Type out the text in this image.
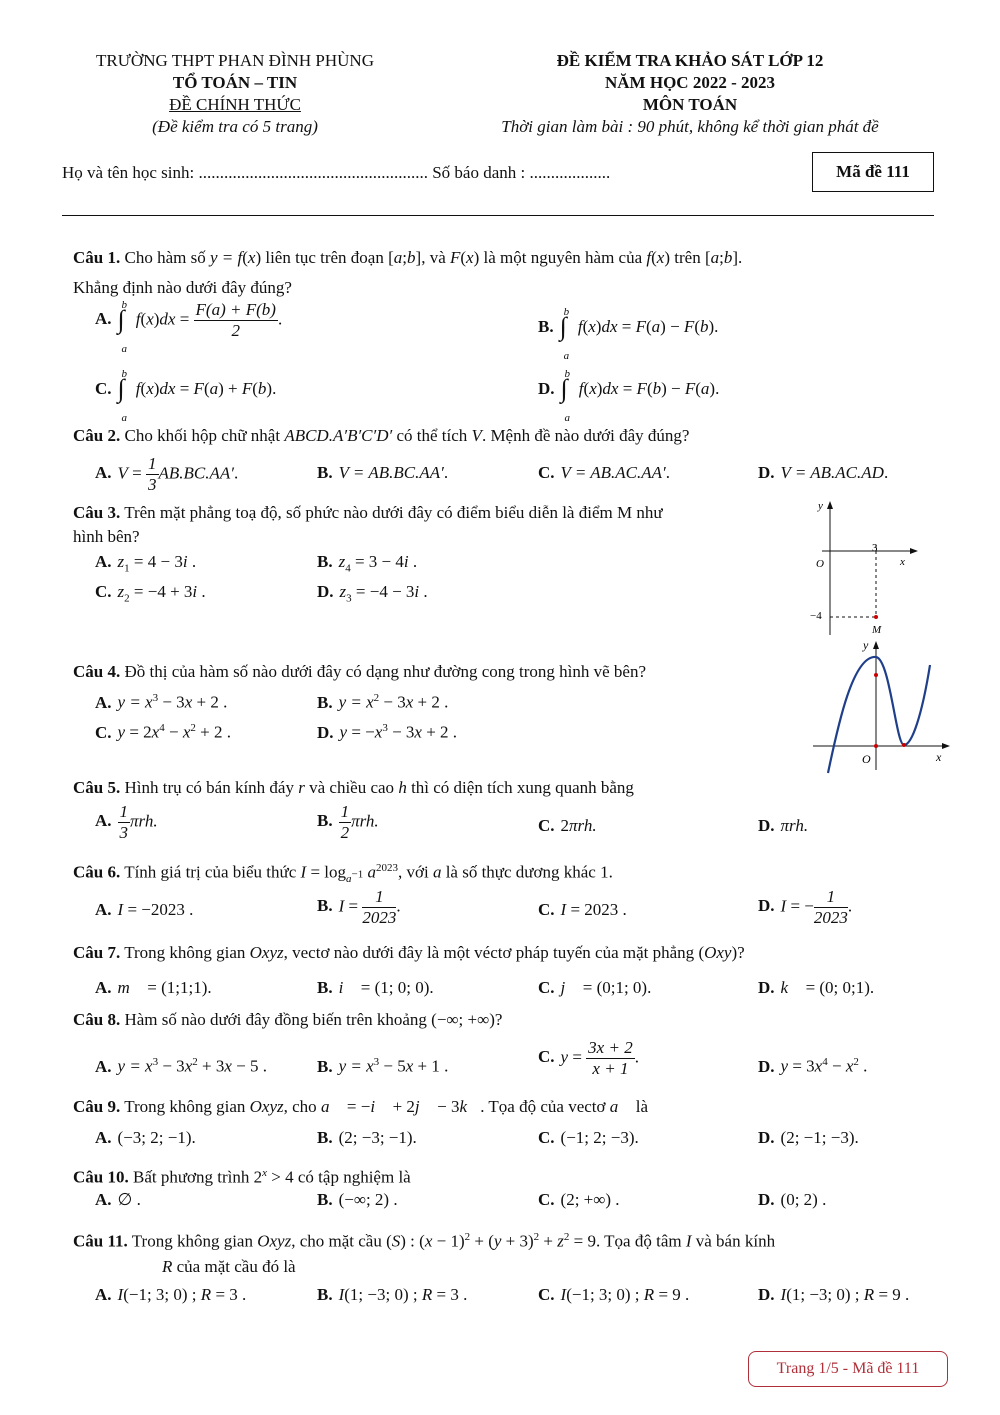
TRƯỜNG THPT PHAN ĐÌNH PHÙNG
TỔ TOÁN – TIN
ĐỀ CHÍNH THỨC
(Đề kiểm tra có 5 trang)
ĐỀ KIỂM TRA KHẢO SÁT LỚP 12
NĂM HỌC 2022 - 2023
MÔN TOÁN
Thời gian làm bài : 90 phút, không kể thời gian phát đề
Họ và tên học sinh: ...................................................... Số báo danh : ...................	Mã đề 111
Câu 1. Cho hàm số y = f(x) liên tục trên đoạn [a;b], và F(x) là một nguyên hàm của f(x) trên [a;b].
Khẳng định nào dưới đây đúng?
A.
b
∫
a
$f(x)dx = \frac{F(a) + F(b)}{2}$ .	B.
b
∫
a
f(x)dx = F(a) − F(b).
C.
b
∫
a
f(x)dx = F(a) + F(b).	D.
b
∫
a
f(x)dx = F(b) − F(a).
Câu 2. Cho khối hộp chữ nhật ABCD.A′B′C′D′ có thể tích V. Mệnh đề nào dưới đây đúng?
A. $V = \frac{1}{3} AB.BC.AA'$.	B. V = AB.BC.AA′.	C. V = AB.AC.AA′.	D. V = AB.AC.AD.
Câu 3. Trên mặt phẳng toạ độ, số phức nào dưới đây có điểm biểu diễn là điểm M như
hình bên?
A. $z_1 = 4 - 3i$ .	B. $z_4 = 3 - 4i$ .
C. $z_2 = -4 + 3i$ .	D. $z_3 = -4 - 3i$ .
y
x
O
3
−4
M
Câu 4. Đồ thị của hàm số nào dưới đây có dạng như đường cong trong hình vẽ bên?
A. $y = x^3 - 3x + 2$ .	B. $y = x^2 - 3x + 2$ .
C. $y = 2x^4 - x^2 + 2$ .	D. $y = -x^3 - 3x + 2$ .
y
x
O
Câu 5. Hình trụ có bán kính đáy r và chiều cao h thì có diện tích xung quanh bằng
A. $\frac{1}{3} \pi rh$.	B. $\frac{1}{2} \pi rh$.	C. 2πrh.	D. πrh.
Câu 6. Tính giá trị của biểu thức $I = \log_{a^{-1}} a^{2023}$, với a là số thực dương khác 1.
A. I = −2023 .	B. $I = \frac{1}{2023}$ .	C. I = 2023 .	D. I = − $\frac{1}{2023}$ .
Câu 7. Trong không gian Oxyz, vectơ nào dưới đây là một véctơ pháp tuyến của mặt phẳng (Oxy)?
A. m⃗ = (1;1;1).	B. i⃗ = (1; 0; 0).	C. j⃗ = (0;1; 0).	D. k⃗ = (0; 0;1).
Câu 8. Hàm số nào dưới đây đồng biến trên khoảng (−∞; +∞)?
A. $y = x^3 - 3x^2 + 3x - 5$ .	B. $y = x^3 - 5x + 1$ .	C. $y = \frac{3x + 2}{x + 1}$ .	D. $y = 3x^4 - x^2$ .
Câu 9. Trong không gian Oxyz, cho a⃗ = −i⃗ + 2j⃗ − 3k⃗. Tọa độ của vectơ a⃗ là
A. (−3; 2; −1).	B. (2; −3; −1).	C. (−1; 2; −3).	D. (2; −1; −3).
Câu 10. Bất phương trình $2^x > 4$ có tập nghiệm là
A. ∅ .	B. (−∞; 2) .	C. (2; +∞) .	D. (0; 2) .
Câu 11. Trong không gian Oxyz, cho mặt cầu (S) : $(x - 1)^2 + (y + 3)^2 + z^2 = 9$. Tọa độ tâm I và bán kính
R của mặt cầu đó là
A. I(−1; 3; 0) ; R = 3 .	B. I(1; −3; 0) ; R = 3 .	C. I(−1; 3; 0) ; R = 9 .	D. I(1; −3; 0) ; R = 9 .
Trang 1/5 - Mã đề 111
